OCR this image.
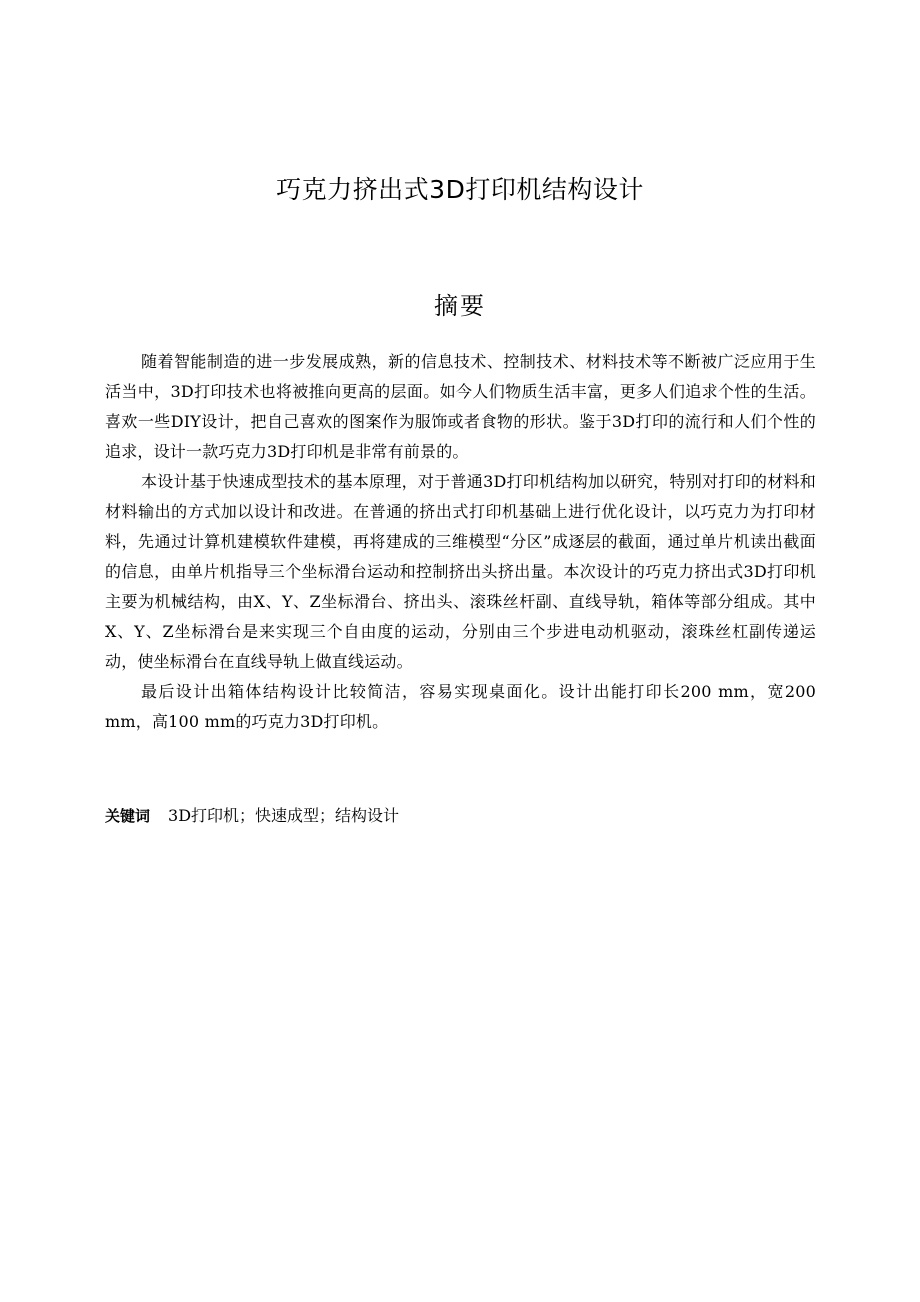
巧克力挤出式3D打印机结构设计
摘要

随着智能制造的进一步发展成熟，新的信息技术、控制技术、材料技术等不断被广泛应用于生活当中，3D打印技术也将被推向更高的层面。如今人们物质生活丰富，更多人们追求个性的生活。喜欢一些DIY设计，把自己喜欢的图案作为服饰或者食物的形状。鉴于3D打印的流行和人们个性的追求，设计一款巧克力3D打印机是非常有前景的。

本设计基于快速成型技术的基本原理，对于普通3D打印机结构加以研究，特别对打印的材料和材料输出的方式加以设计和改进。在普通的挤出式打印机基础上进行优化设计，以巧克力为打印材料，先通过计算机建模软件建模，再将建成的三维模型“分区”成逐层的截面，通过单片机读出截面的信息，由单片机指导三个坐标滑台运动和控制挤出头挤出量。本次设计的巧克力挤出式3D打印机主要为机械结构，由X、Y、Z坐标滑台、挤出头、滚珠丝杆副、直线导轨，箱体等部分组成。其中X、Y、Z坐标滑台是来实现三个自由度的运动，分别由三个步进电动机驱动，滚珠丝杠副传递运动，使坐标滑台在直线导轨上做直线运动。

最后设计出箱体结构设计比较简洁，容易实现桌面化。设计出能打印长200 mm，宽200 mm，高100 mm的巧克力3D打印机。

关键词 3D打印机；快速成型；结构设计
